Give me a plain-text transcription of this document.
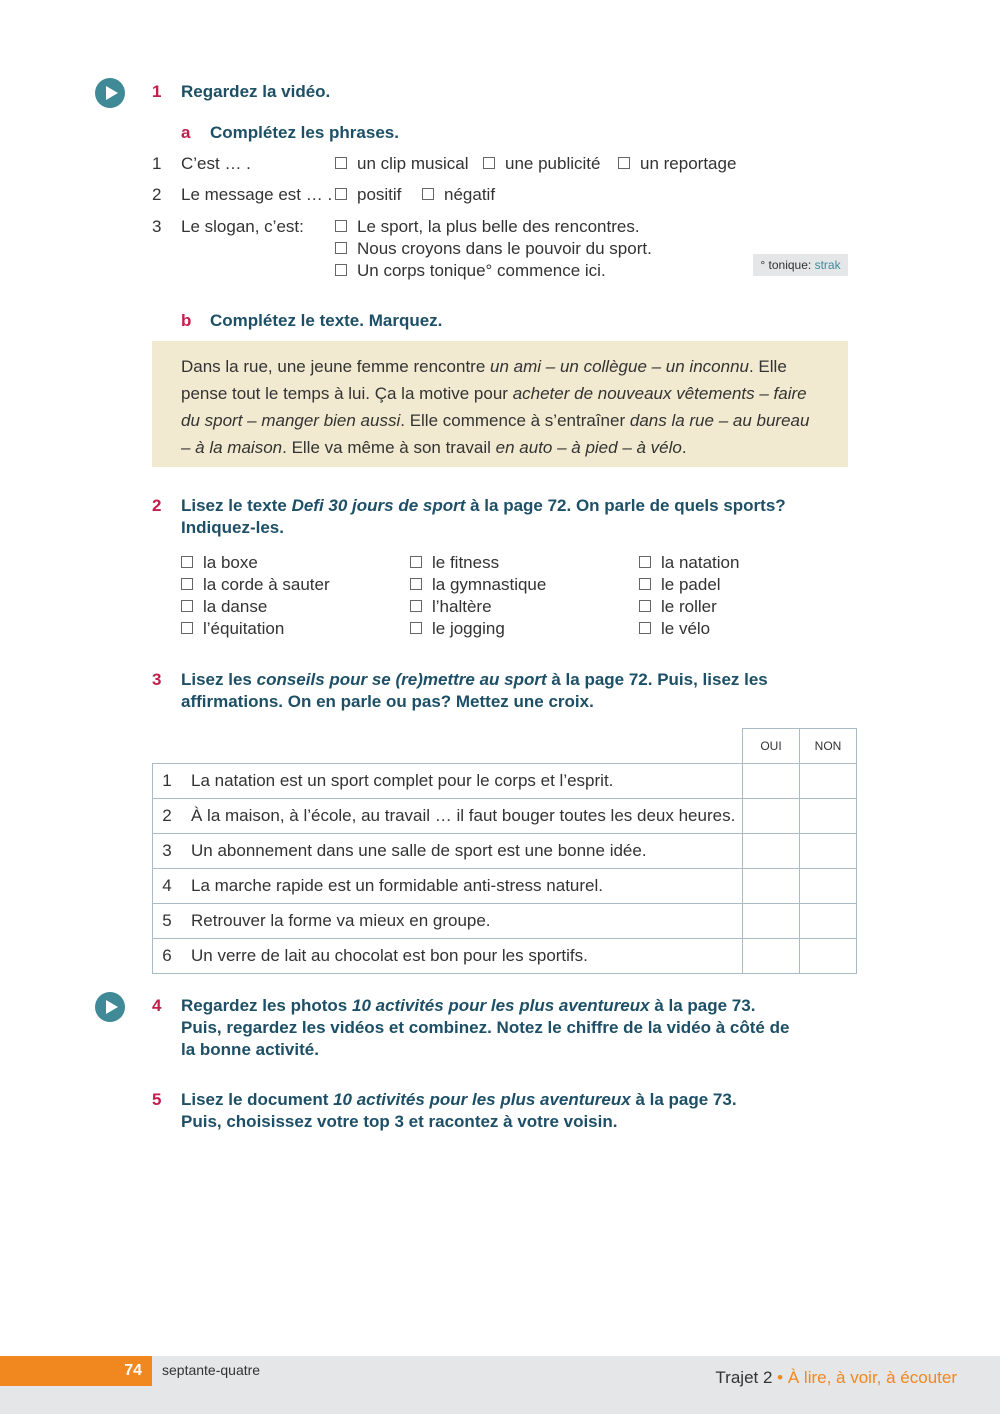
1 Regardez la vidéo.
a Complétez les phrases.
1 C’est … .	un clip musical	une publicité	un reportage
2 Le message est … .	positif	négatif
3 Le slogan, c’est:	Le sport, la plus belle des rencontres.
Nous croyons dans le pouvoir du sport.
Un corps tonique° commence ici.	° tonique: strak
b Complétez le texte. Marquez.

Dans la rue, une jeune femme rencontre un ami – un collègue – un inconnu. Elle pense tout le temps à lui. Ça la motive pour acheter de nouveaux vêtements – faire du sport – manger bien aussi. Elle commence à s’entraîner dans la rue – au bureau – à la maison. Elle va même à son travail en auto – à pied – à vélo.

2 Lisez le texte Defi 30 jours de sport à la page 72. On parle de quels sports?
Indiquez-les.
la boxe
la corde à sauter
la danse
l’équitation
le fitness
la gymnastique
l’haltère
le jogging
la natation
le padel
le roller
le vélo
3 Lisez les conseils pour se (re)mettre au sport à la page 72. Puis, lisez les
affirmations. On en parle ou pas? Mettez une croix.
		OUI	NON
1	La natation est un sport complet pour le corps et l’esprit.		
2	À la maison, à l’école, au travail … il faut bouger toutes les deux heures.		
3	Un abonnement dans une salle de sport est une bonne idée.		
4	La marche rapide est un formidable anti-stress naturel.		
5	Retrouver la forme va mieux en groupe.		
6	Un verre de lait au chocolat est bon pour les sportifs.		
4 Regardez les photos 10 activités pour les plus aventureux à la page 73.
Puis, regardez les vidéos et combinez. Notez le chiffre de la vidéo à côté de
la bonne activité.
5 Lisez le document 10 activités pour les plus aventureux à la page 73.
Puis, choisissez votre top 3 et racontez à votre voisin.
74	septante-quatre	Trajet 2 • À lire, à voir, à écouter
